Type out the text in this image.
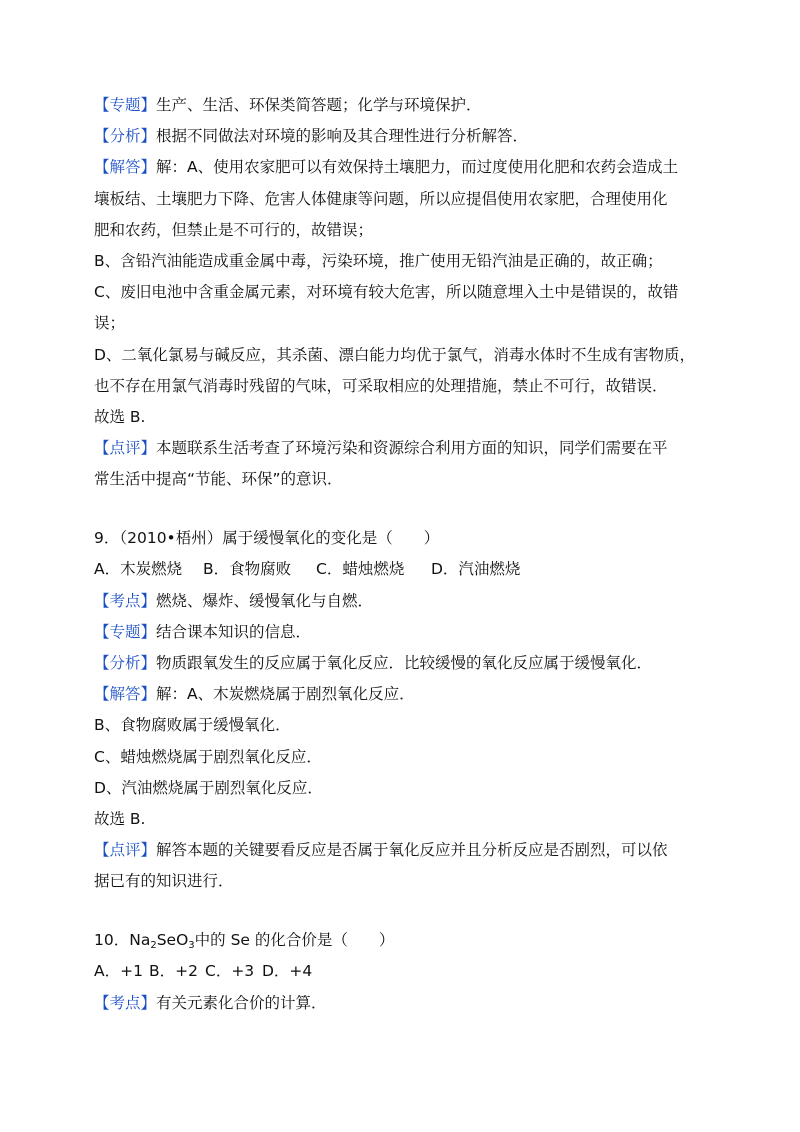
【专题】生产、生活、环保类简答题；化学与环境保护．
【分析】根据不同做法对环境的影响及其合理性进行分析解答．
【解答】解：A、使用农家肥可以有效保持土壤肥力，而过度使用化肥和农药会造成土
壤板结、土壤肥力下降、危害人体健康等问题，所以应提倡使用农家肥，合理使用化
肥和农药，但禁止是不可行的，故错误；
B、含铅汽油能造成重金属中毒，污染环境，推广使用无铅汽油是正确的，故正确；
C、废旧电池中含重金属元素，对环境有较大危害，所以随意埋入土中是错误的，故错
误；
D、二氧化氯易与碱反应，其杀菌、漂白能力均优于氯气，消毒水体时不生成有害物质，
也不存在用氯气消毒时残留的气味，可采取相应的处理措施，禁止不可行，故错误．
故选 B.
【点评】本题联系生活考查了环境污染和资源综合利用方面的知识，同学们需要在平
常生活中提高“节能、环保”的意识．
9．（2010•梧州）属于缓慢氧化的变化是（　　）
A．木炭燃烧 B．食物腐败 C．蜡烛燃烧 D．汽油燃烧
【考点】燃烧、爆炸、缓慢氧化与自燃．
【专题】结合课本知识的信息．
【分析】物质跟氧发生的反应属于氧化反应．比较缓慢的氧化反应属于缓慢氧化．
【解答】解：A、木炭燃烧属于剧烈氧化反应．
B、食物腐败属于缓慢氧化．
C、蜡烛燃烧属于剧烈氧化反应．
D、汽油燃烧属于剧烈氧化反应．
故选 B.
【点评】解答本题的关键要看反应是否属于氧化反应并且分析反应是否剧烈，可以依
据已有的知识进行．
10．$Na_2SeO_3$中的 Se 的化合价是（　　）
A．+1 B．+2 C．+3 D．+4
【考点】有关元素化合价的计算．
